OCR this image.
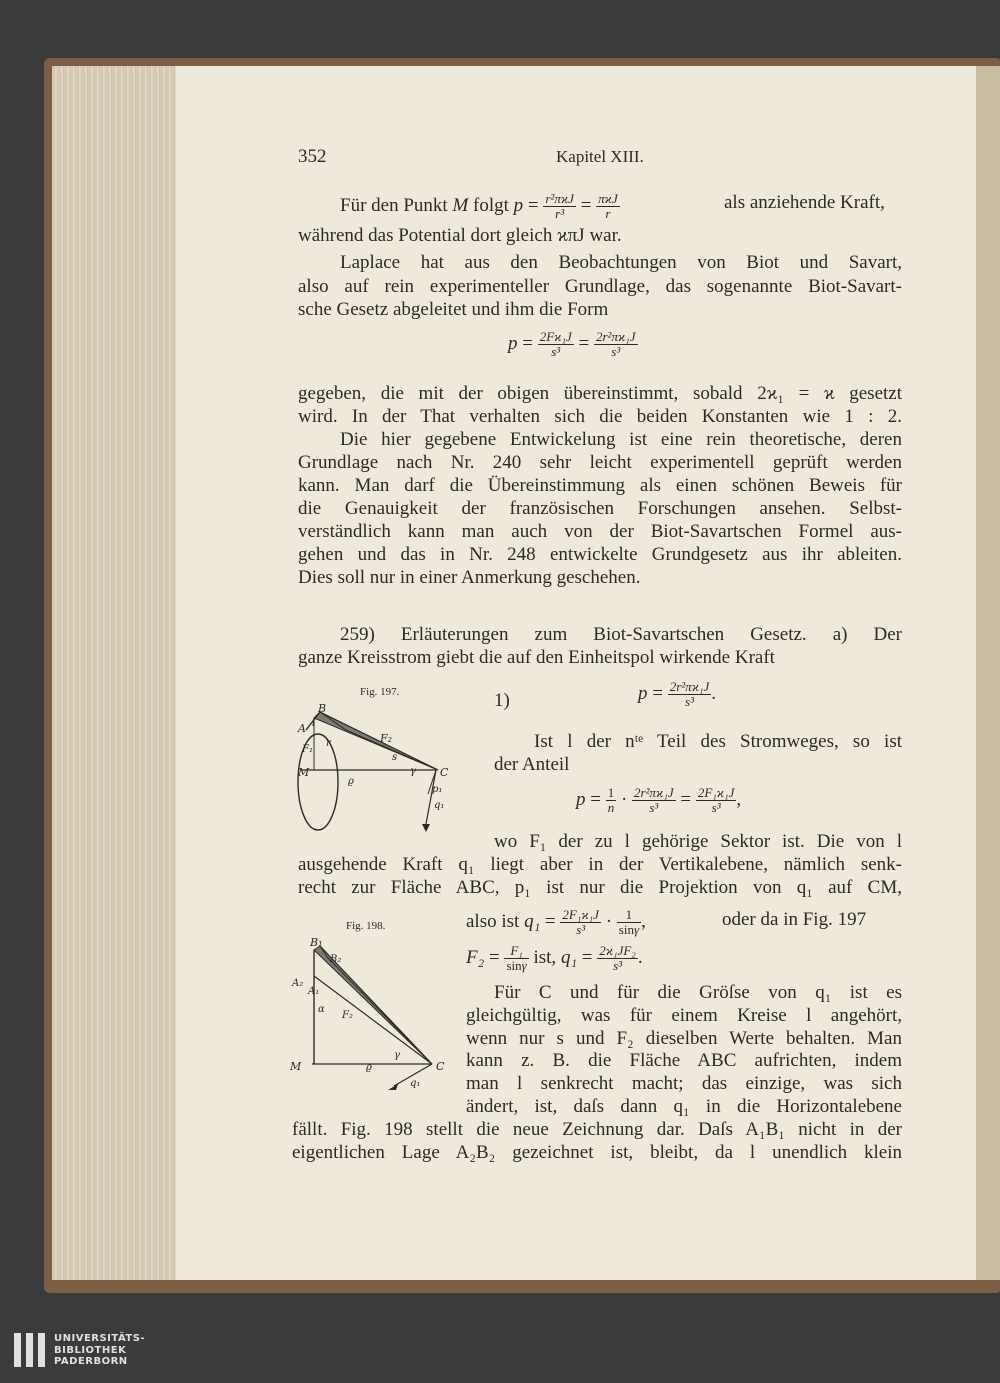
352	Kapitel XIII.
Für den Punkt M folgt $p = \frac{\text{r²πϰJ}}{\text{r³}} = \frac{\text{πϰJ}}{r}$	als anziehende Kraft,
während das Potential dort gleich ϰπJ war.
Laplace hat aus den Beobachtungen von Biot und Savart,
also auf rein experimenteller Grundlage, das sogenannte Biot-Savart-
sche Gesetz abgeleitet und ihm die Form
$p = \frac{\text{2Fϰ₁J}}{\text{s³}} = \frac{\text{2r²πϰ₁J}}{\text{s³}}$
gegeben, die mit der obigen übereinstimmt, sobald 2ϰ₁ = ϰ gesetzt
wird. In der That verhalten sich die beiden Konstanten wie 1 : 2.
Die hier gegebene Entwickelung ist eine rein theoretische, deren
Grundlage nach Nr. 240 sehr leicht experimentell geprüft werden
kann. Man darf die Übereinstimmung als einen schönen Beweis für
die Genauigkeit der französischen Forschungen ansehen. Selbst-
verständlich kann man auch von der Biot-Savartschen Formel aus-
gehen und das in Nr. 248 entwickelte Grundgesetz aus ihr ableiten.
Dies soll nur in einer Anmerkung geschehen.
259) Erläuterungen zum Biot-Savartschen Gesetz. a) Der
ganze Kreisstrom giebt die auf den Einheitspol wirkende Kraft
Fig. 197.
B
A l
M
F₂
F₁
r
s
ϱ
γ C
p₁
q₁
1)	$p = \frac{\text{2r²πϰ₁J}}{\text{s³}}$ .
Ist l der nᵗᵉ Teil des Stromweges, so ist
der Anteil
$p = \frac{1}{n} \cdot \frac{\text{2r²πϰ₁J}}{\text{s³}} = \frac{\text{2F₁ϰ₁J}}{\text{s³}}$ ,
wo F₁ der zu l gehörige Sektor ist. Die von l
ausgehende Kraft q₁ liegt aber in der Vertikalebene, nämlich senk-
recht zur Fläche ABC, p₁ ist nur die Projektion von q₁ auf CM,
Fig. 198.	also ist $q_1 = \frac{\text{2F₁ϰ₁J}}{\text{s³}} \cdot \frac{1}{\sin\gamma}$ ,	oder da in Fig. 197
$F_2 = \frac{\text{F₁}}{\sin\gamma}$ ist, $q_1 = \frac{\text{2ϰ₁JF₂}}{\text{s³}}$ .
B₁
B₂
A₂
A₁
α
F₂
M	ϱ
γ
C
q₁
Für C und für die Gröſse von q₁ ist es
gleichgültig, was für einem Kreise l angehört,
wenn nur s und F₂ dieselben Werte behalten. Man
kann z. B. die Fläche ABC aufrichten, indem
man l senkrecht macht; das einzige, was sich
ändert, ist, daſs dann q₁ in die Horizontalebene
fällt. Fig. 198 stellt die neue Zeichnung dar. Daſs A₁B₁ nicht in der
eigentlichen Lage A₂B₂ gezeichnet ist, bleibt, da l unendlich klein
UNIVERSITÄTS-
BIBLIOTHEK
PADERBORN
